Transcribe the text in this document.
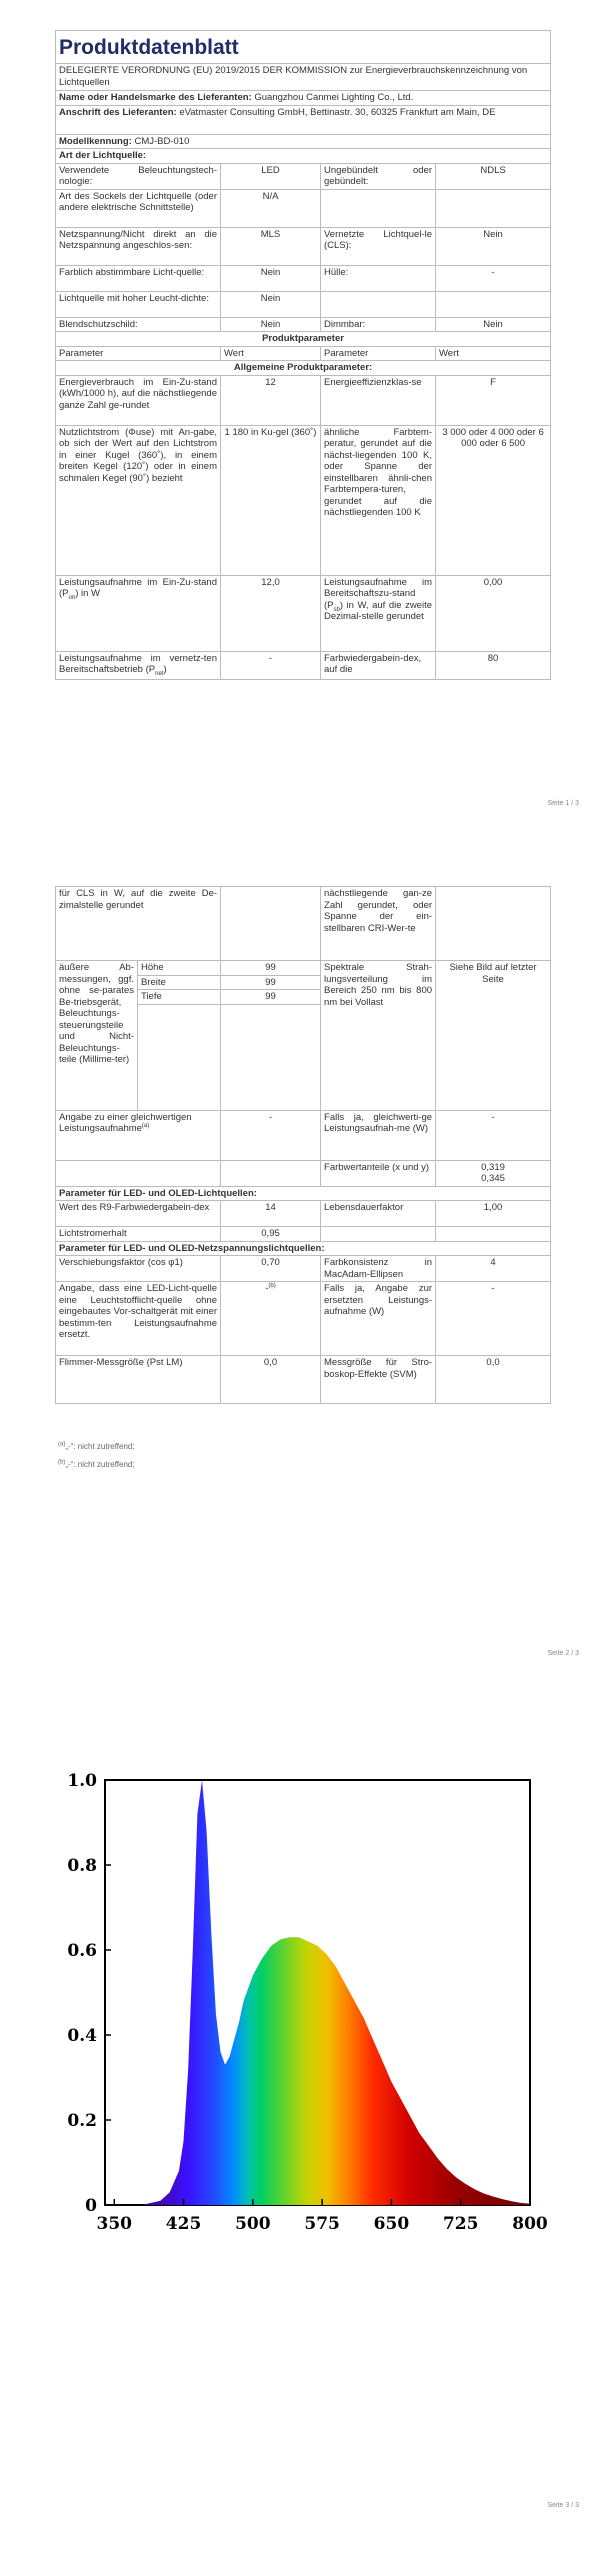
Produktdatenblatt			
DELEGIERTE VERORDNUNG (EU) 2019/2015 DER KOMMISSION zur Energieverbrauchskennzeichnung von Lichtquellen			
Name oder Handelsmarke des Lieferanten: Guangzhou Canmei Lighting Co., Ltd.			
Anschrift des Lieferanten: eVatmaster Consulting GmbH, Bettinastr. 30, 60325 Frankfurt am Main, DE			
Modellkennung: CMJ-BD-010			
Art der Lichtquelle:			
Verwendete Beleuchtungstech-nologie:	LED	Ungebündelt oder gebündelt:	NDLS
Art des Sockels der Lichtquelle (oder andere elektrische Schnittstelle)	N/A		
Netzspannung/Nicht direkt an die Netzspannung angeschlos-sen:	MLS	Vernetzte Lichtquel-le (CLS):	Nein
Farblich abstimmbare Licht-quelle:	Nein	Hülle:	-
Lichtquelle mit hoher Leucht-dichte:	Nein		
Blendschutzschild:	Nein	Dimmbar:	Nein
Produktparameter			
Parameter	Wert	Parameter	Wert
Allgemeine Produktparameter:			
Energieverbrauch im Ein-Zu-stand (kWh/1000 h), auf die nächstliegende ganze Zahl ge-rundet	12	Energieeffizienzklas-se	F
Nutzlichtstrom (Φuse) mit An-gabe, ob sich der Wert auf den Lichtstrom in einer Kugel (360˚), in einem breiten Kegel (120˚) oder in einem schmalen Kegel (90˚) bezieht	1 180 in Ku-gel (360˚)	ähnliche Farbtem-peratur, gerundet auf die nächst-liegenden 100 K, oder Spanne der einstellbaren ähnli-chen Farbtempera-turen, gerundet auf die nächstliegenden 100 K	3 000 oder 4 000 oder 6 000 oder 6 500
Leistungsaufnahme im Ein-Zu-stand $(P_{on})$ in W	12,0	Leistungsaufnahme im Bereitschaftszu-stand $(P_{sb})$ in W, auf die zweite Dezimal-stelle gerundet	0,00
Leistungsaufnahme im vernetz-ten Bereitschaftsbetrieb $(P_{net})$	-	Farbwiedergabein-dex, auf die	80
Seite 1 / 3
für CLS in W, auf die zweite De-zimalstelle gerundet			nächstliegende gan-ze Zahl gerundet, oder Spanne der ein-stellbaren CRI-Wer-te	
äußere Ab-messungen, ggf. ohne se-parates Be-triebsgerät, Beleuchtungs-steuerungsteile und Nicht-Beleuchtungs-teile (Millime-ter)	Höhe	99	Spektrale Strah-lungsverteilung im Bereich 250 nm bis 800 nm bei Vollast	Siehe Bild auf letzter Seite
	Breite	99		
	Tiefe	99		

Angabe zu einer gleichwertigen Leistungsaufnahme$^{(a)}$		-	Falls ja, gleichwerti-ge Leistungsaufnah-me (W)	-
			Farbwertanteile (x und y)	0,319
0,345

Parameter für LED- und OLED-Lichtquellen:				
Wert des R9-Farbwiedergabein-dex		14	Lebensdauerfaktor	1,00
Lichtstromerhalt		0,95		
Parameter für LED- und OLED-Netzspannungslichtquellen:				
Verschiebungsfaktor (cos φ1)		0,70	Farbkonsistenz in MacAdam-Ellipsen	4
Angabe, dass eine LED-Licht-quelle eine Leuchtstofflicht-quelle ohne eingebautes Vor-schaltgerät mit einer bestimm-ten Leistungsaufnahme ersetzt.		-$^{(b)}$	Falls ja, Angabe zur ersetzten Leistungs-aufnahme (W)	-
Flimmer-Messgröße (Pst LM)		0,0	Messgröße für Stro-boskop-Effekte (SVM)	0,0
$^{(a)}$„-“: nicht zutreffend;
$^{(b)}$„-“: nicht zutreffend;
Seite 2 / 3
0
0.2
0.4
0.6
0.8
1.0
350 425 500 575 650 725 800
Seite 3 / 3
